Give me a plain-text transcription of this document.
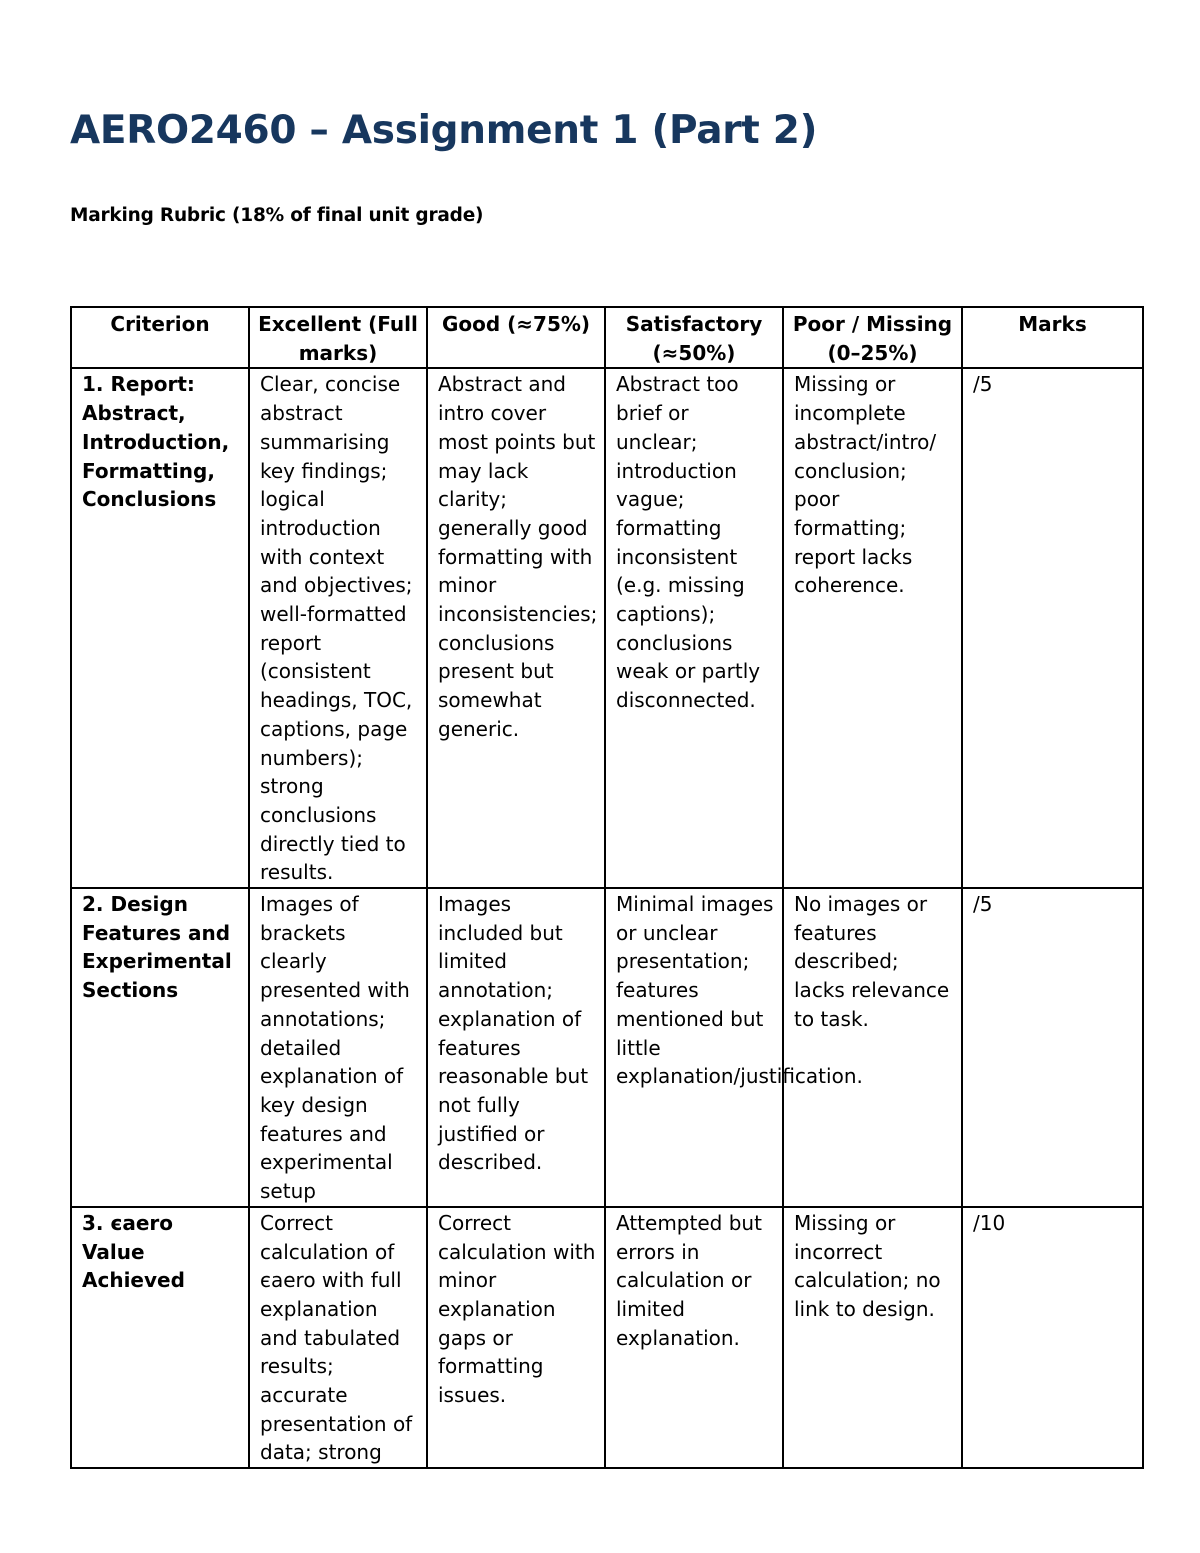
AERO2460 – Assignment 1 (Part 2)

Marking Rubric (18% of final unit grade)

Criterion	Excellent (Full marks)	Good (≈75%)	Satisfactory (≈50%)	Poor / Missing (0–25%)	Marks
1. Report: Abstract, Introduction, Formatting, Conclusions	Clear, concise abstract summarising key findings; logical introduction with context and objectives; well-formatted report (consistent headings, TOC, captions, page numbers); strong conclusions directly tied to results.	Abstract and intro cover most points but may lack clarity; generally good formatting with minor inconsistencies; conclusions present but somewhat generic.	Abstract too brief or unclear; introduction vague; formatting inconsistent (e.g. missing captions); conclusions weak or partly disconnected.	Missing or incomplete abstract/intro/ conclusion; poor formatting; report lacks coherence.	/5
2. Design Features and Experimental Sections	Images of brackets clearly presented with annotations; detailed explanation of key design features and experimental setup	Images included but limited annotation; explanation of features reasonable but not fully justified or described.	Minimal images or unclear presentation; features mentioned but little explanation/justification.	No images or features described; lacks relevance to task.	/5
3. єaero Value Achieved	Correct calculation of єaero with full explanation and tabulated results; accurate presentation of data; strong	Correct calculation with minor explanation gaps or formatting issues.	Attempted but errors in calculation or limited explanation.	Missing or incorrect calculation; no link to design.	/10
